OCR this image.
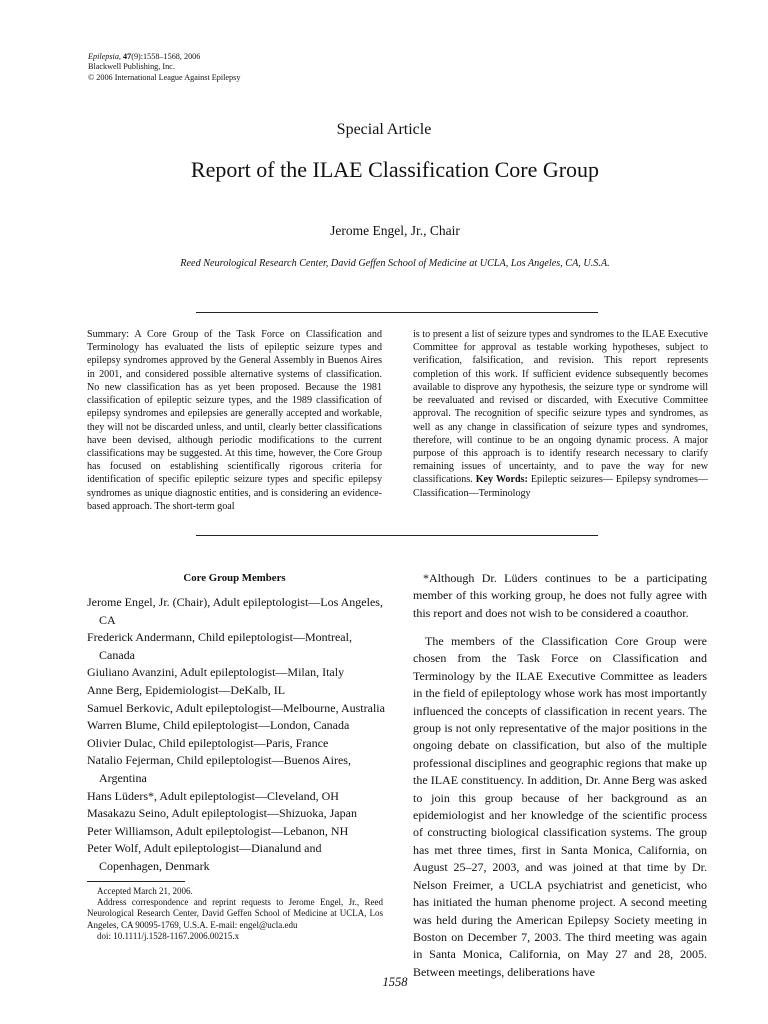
Epilepsia, 47(9):1558–1568, 2006
Blackwell Publishing, Inc.
© 2006 International League Against Epilepsy
Special Article
Report of the ILAE Classification Core Group
Jerome Engel, Jr., Chair
Reed Neurological Research Center, David Geffen School of Medicine at UCLA, Los Angeles, CA, U.S.A.
Summary: A Core Group of the Task Force on Classification and Terminology has evaluated the lists of epileptic seizure types and epilepsy syndromes approved by the General Assembly in Buenos Aires in 2001, and considered possible alternative systems of classification. No new classification has as yet been proposed. Because the 1981 classification of epileptic seizure types, and the 1989 classification of epilepsy syndromes and epilepsies are generally accepted and workable, they will not be discarded unless, and until, clearly better classifications have been devised, although periodic modifications to the current classifications may be suggested. At this time, however, the Core Group has focused on establishing scientifically rigorous criteria for identification of specific epileptic seizure types and specific epilepsy syndromes as unique diagnostic entities, and is considering an evidence-based approach. The short-term goal
is to present a list of seizure types and syndromes to the ILAE Executive Committee for approval as testable working hypotheses, subject to verification, falsification, and revision. This report represents completion of this work. If sufficient evidence subsequently becomes available to disprove any hypothesis, the seizure type or syndrome will be reevaluated and revised or discarded, with Executive Committee approval. The recognition of specific seizure types and syndromes, as well as any change in classification of seizure types and syndromes, therefore, will continue to be an ongoing dynamic process. A major purpose of this approach is to identify research necessary to clarify remaining issues of uncertainty, and to pave the way for new classifications. Key Words: Epileptic seizures— Epilepsy syndromes—Classification—Terminology
Core Group Members
Jerome Engel, Jr. (Chair), Adult epileptologist—Los Angeles, CA
Frederick Andermann, Child epileptologist—Montreal, Canada
Giuliano Avanzini, Adult epileptologist—Milan, Italy
Anne Berg, Epidemiologist—DeKalb, IL
Samuel Berkovic, Adult epileptologist—Melbourne, Australia
Warren Blume, Child epileptologist—London, Canada
Olivier Dulac, Child epileptologist—Paris, France
Natalio Fejerman, Child epileptologist—Buenos Aires, Argentina
Hans Lüders*, Adult epileptologist—Cleveland, OH
Masakazu Seino, Adult epileptologist—Shizuoka, Japan
Peter Williamson, Adult epileptologist—Lebanon, NH
Peter Wolf, Adult epileptologist—Dianalund and Copenhagen, Denmark

Accepted March 21, 2006.

Address correspondence and reprint requests to Jerome Engel, Jr., Reed Neurological Research Center, David Geffen School of Medicine at UCLA, Los Angeles, CA 90095-1769, U.S.A. E-mail: engel@ucla.edu

doi: 10.1111/j.1528-1167.2006.00215.x

*Although Dr. Lüders continues to be a participating member of this working group, he does not fully agree with this report and does not wish to be considered a coauthor.
The members of the Classification Core Group were chosen from the Task Force on Classification and Terminology by the ILAE Executive Committee as leaders in the field of epileptology whose work has most importantly influenced the concepts of classification in recent years. The group is not only representative of the major positions in the ongoing debate on classification, but also of the multiple professional disciplines and geographic regions that make up the ILAE constituency. In addition, Dr. Anne Berg was asked to join this group because of her background as an epidemiologist and her knowledge of the scientific process of constructing biological classification systems. The group has met three times, first in Santa Monica, California, on August 25–27, 2003, and was joined at that time by Dr. Nelson Freimer, a UCLA psychiatrist and geneticist, who has initiated the human phenome project. A second meeting was held during the American Epilepsy Society meeting in Boston on December 7, 2003. The third meeting was again in Santa Monica, California, on May 27 and 28, 2005. Between meetings, deliberations have
1558
